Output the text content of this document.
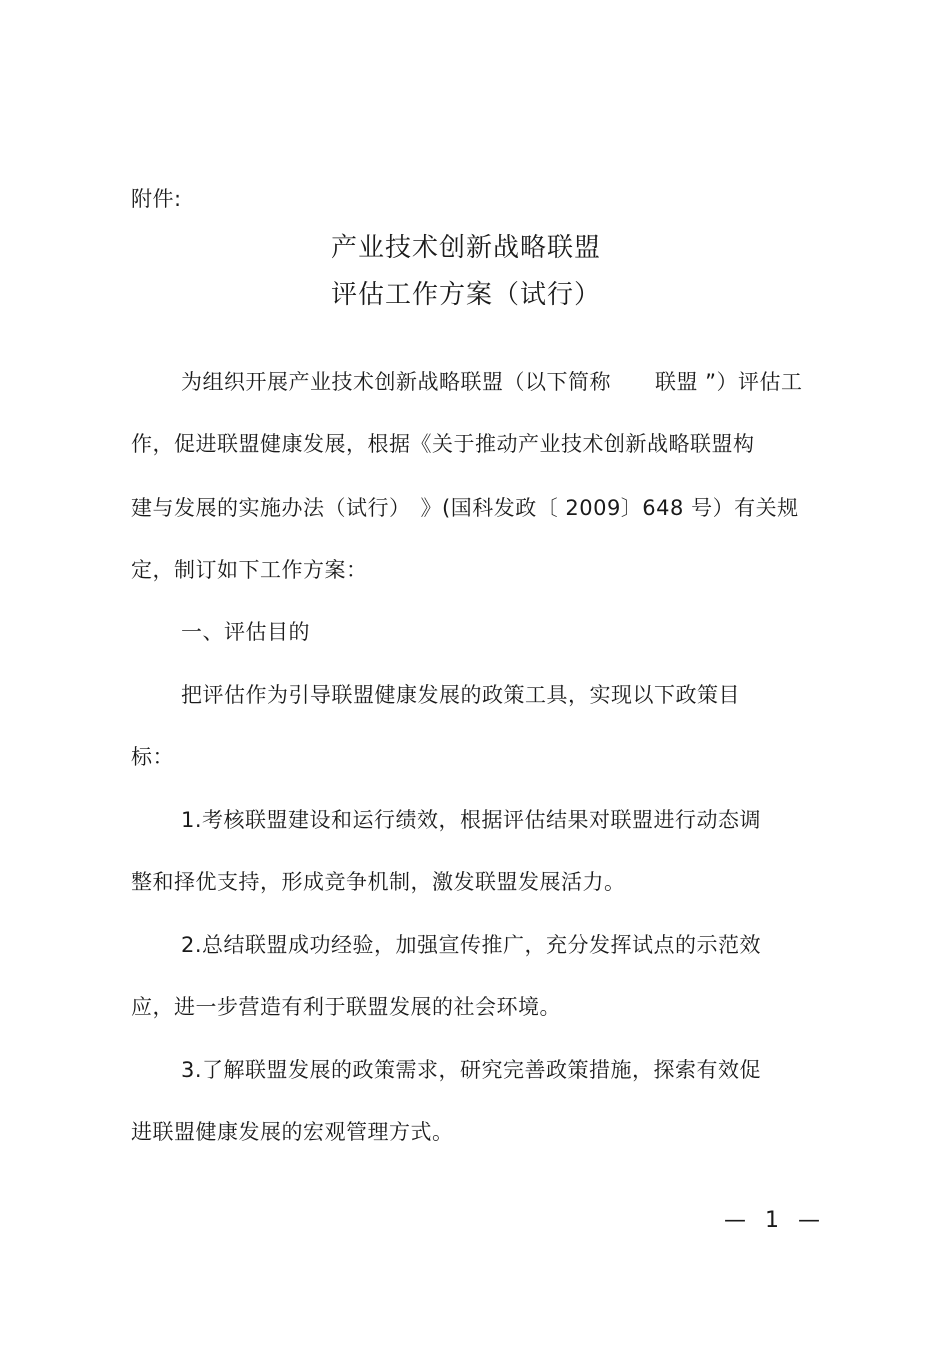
附件:
产业技术创新战略联盟
评估工作方案（试行）
为组织开展产业技术创新战略联盟（以下简称 联盟 ”）评估工
作，促进联盟健康发展，根据《关于推动产业技术创新战略联盟构
建与发展的实施办法（试行） 》(国科发政〔 2009〕648 号）有关规
定，制订如下工作方案：
一、评估目的
把评估作为引导联盟健康发展的政策工具，实现以下政策目
标：
1.考核联盟建设和运行绩效，根据评估结果对联盟进行动态调
整和择优支持，形成竞争机制，激发联盟发展活力。
2.总结联盟成功经验，加强宣传推广，充分发挥试点的示范效
应，进一步营造有利于联盟发展的社会环境。
3.了解联盟发展的政策需求，研究完善政策措施，探索有效促
进联盟健康发展的宏观管理方式。
— 1 —
